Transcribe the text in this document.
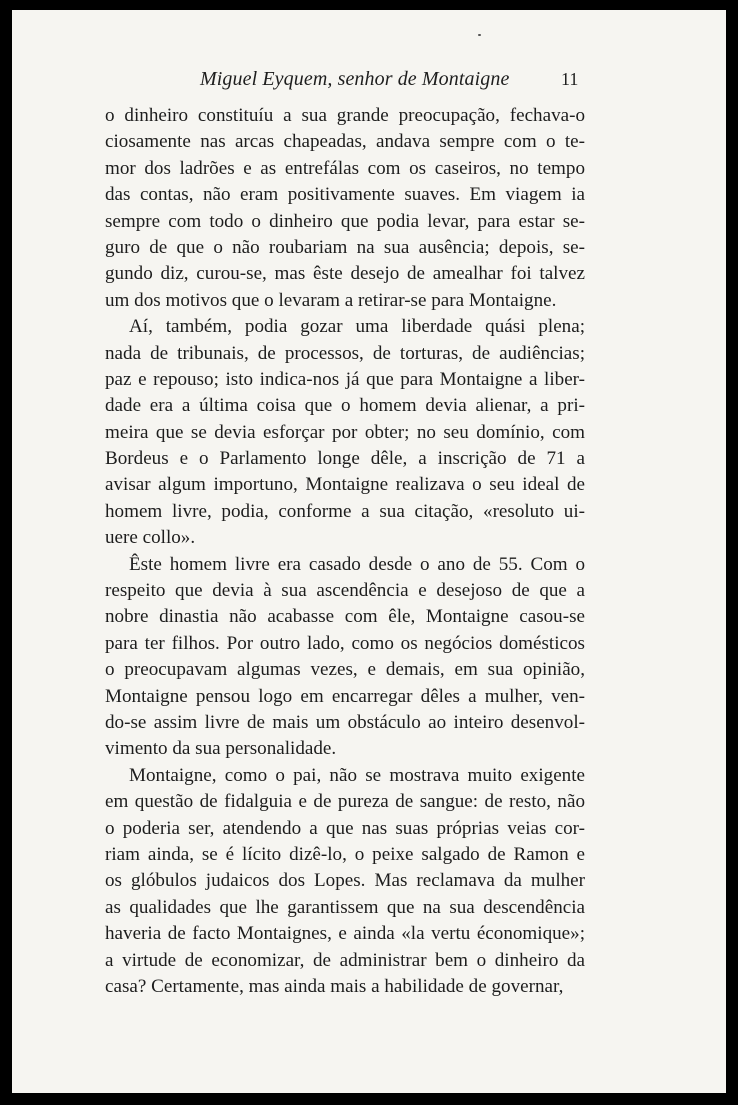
Miguel Eyquem, senhor de Montaigne	11
o dinheiro constituíu a sua grande preocupação, fechava-o
ciosamente nas arcas chapeadas, andava sempre com o te-
mor dos ladrões e as entrefálas com os caseiros, no tempo
das contas, não eram positivamente suaves. Em viagem ia
sempre com todo o dinheiro que podia levar, para estar se-
guro de que o não roubariam na sua ausência; depois, se-
gundo diz, curou-se, mas êste desejo de amealhar foi talvez
um dos motivos que o levaram a retirar-se para Montaigne.
Aí, também, podia gozar uma liberdade quási plena;
nada de tribunais, de processos, de torturas, de audiências;
paz e repouso; isto indica-nos já que para Montaigne a liber-
dade era a última coisa que o homem devia alienar, a pri-
meira que se devia esforçar por obter; no seu domínio, com
Bordeus e o Parlamento longe dêle, a inscrição de 71 a
avisar algum importuno, Montaigne realizava o seu ideal de
homem livre, podia, conforme a sua citação, «resoluto ui-
uere collo».
Êste homem livre era casado desde o ano de 55. Com o
respeito que devia à sua ascendência e desejoso de que a
nobre dinastia não acabasse com êle, Montaigne casou-se
para ter filhos. Por outro lado, como os negócios domésticos
o preocupavam algumas vezes, e demais, em sua opinião,
Montaigne pensou logo em encarregar dêles a mulher, ven-
do-se assim livre de mais um obstáculo ao inteiro desenvol-
vimento da sua personalidade.
Montaigne, como o pai, não se mostrava muito exigente
em questão de fidalguia e de pureza de sangue: de resto, não
o poderia ser, atendendo a que nas suas próprias veias cor-
riam ainda, se é lícito dizê-lo, o peixe salgado de Ramon e
os glóbulos judaicos dos Lopes. Mas reclamava da mulher
as qualidades que lhe garantissem que na sua descendência
haveria de facto Montaignes, e ainda «la vertu économique»;
a virtude de economizar, de administrar bem o dinheiro da
casa? Certamente, mas ainda mais a habilidade de governar,
